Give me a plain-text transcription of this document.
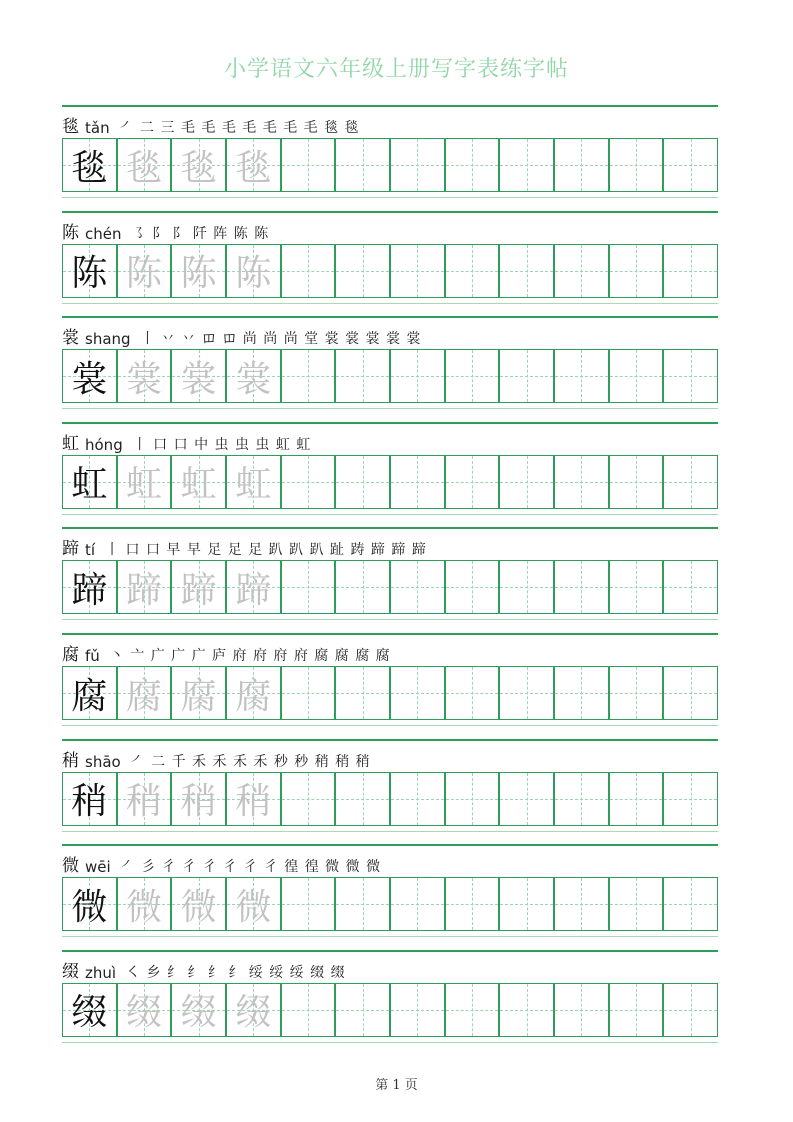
小学语文六年级上册写字表练字帖
毯 tǎn ㇒ 二 三 毛 毛 毛 毛 毛 毛 毛 毯 毯
毯 毯 毯 毯
陈 chén ㇌ 阝 阝 阡 阵 陈 陈
陈 陈 陈 陈
裳 shang 丨 丷 丷 𫩏 𫩏 尚 尚 尚 堂 裳 裳 裳 裳 裳
裳 裳 裳 裳
虹 hóng 丨 口 口 中 虫 虫 虫 虹 虹
虹 虹 虹 虹
蹄 tí 丨 口 口 早 早 足 足 足 趴 趴 趴 趾 踌 蹄 蹄 蹄
蹄 蹄 蹄 蹄
腐 fǔ 丶 亠 广 广 广 庐 府 府 府 府 腐 腐 腐 腐
腐 腐 腐 腐
稍 shāo ㇒ 二 千 禾 禾 禾 禾 秒 秒 稍 稍 稍
稍 稍 稍 稍
微 wēi ㇒ 彡 彳 彳 彳 彳 彳 彳 徨 徨 微 微 微
微 微 微 微
缀 zhuì ㇛ 乡 纟 纟 纟 纟 绥 绥 绥 缀 缀
缀 缀 缀 缀
第 1 页
